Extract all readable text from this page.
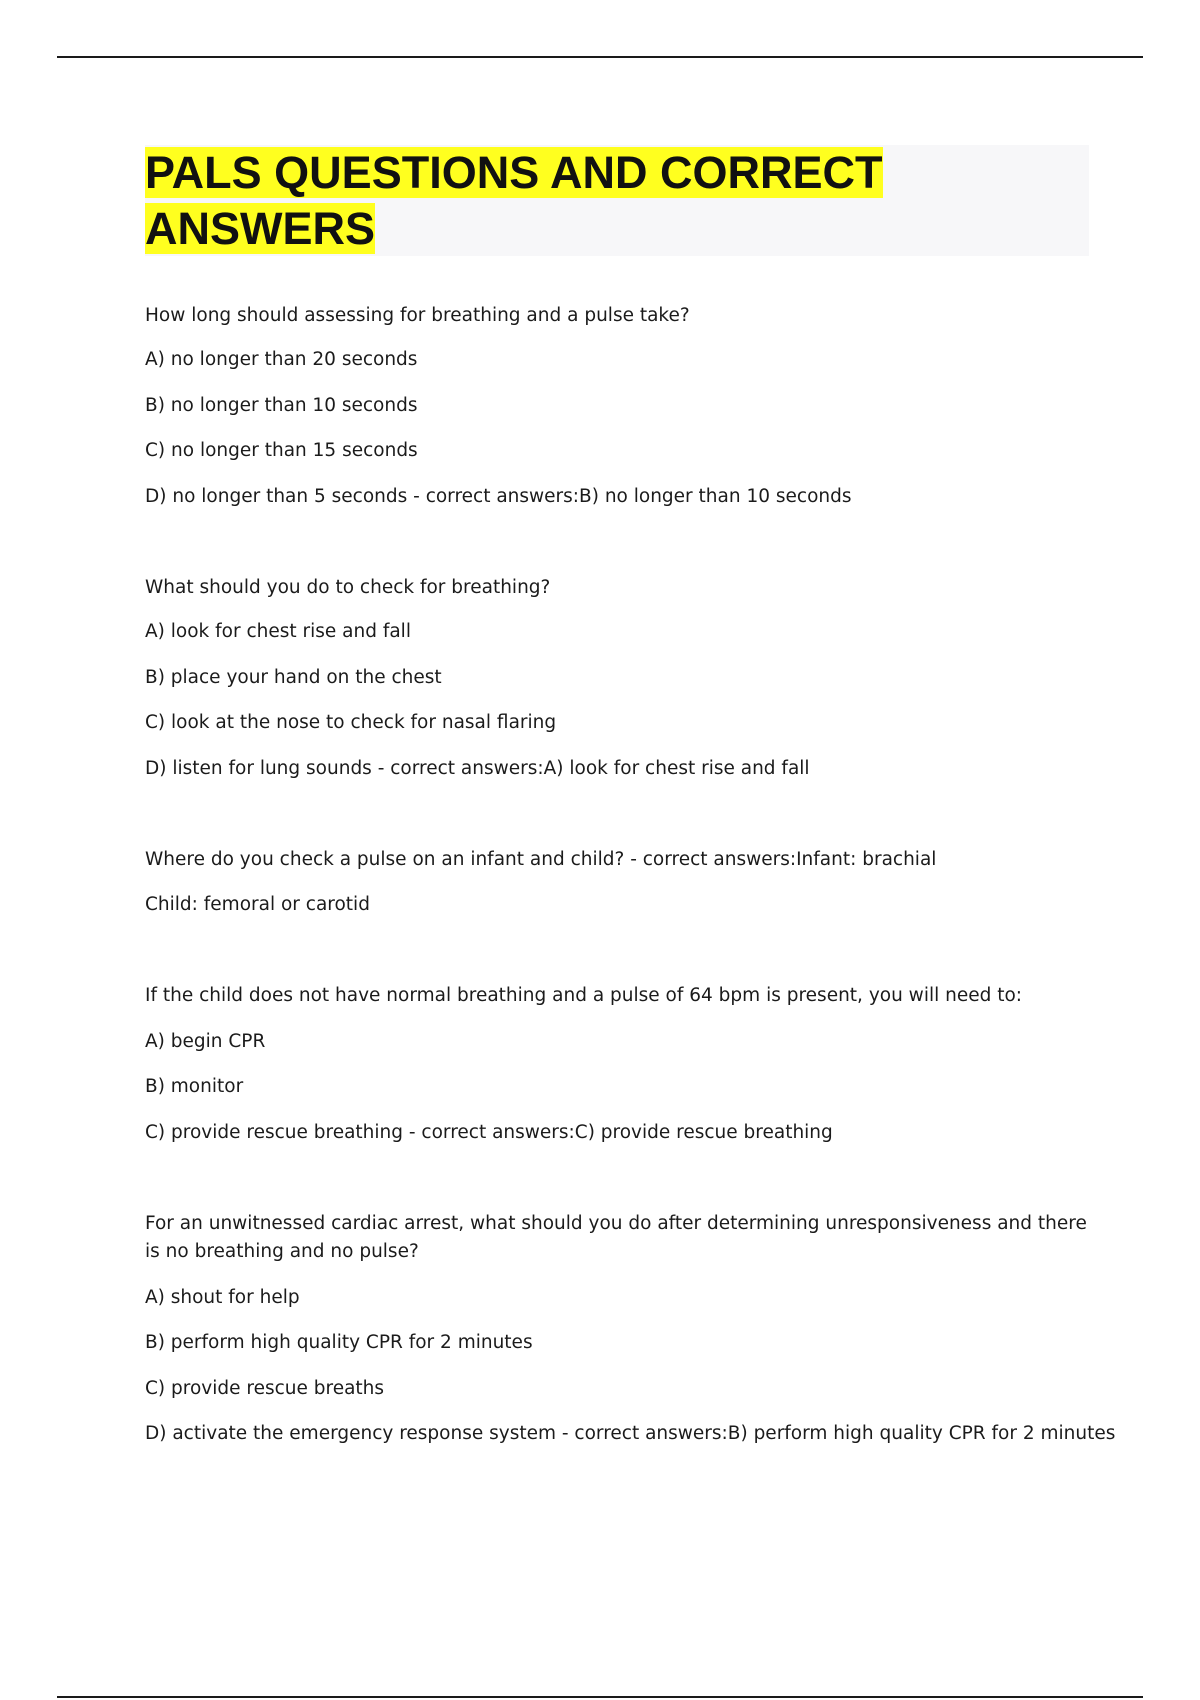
PALS QUESTIONS AND CORRECT ANSWERS
How long should assessing for breathing and a pulse take?
A) no longer than 20 seconds
B) no longer than 10 seconds
C) no longer than 15 seconds
D) no longer than 5 seconds - correct answers:B) no longer than 10 seconds
What should you do to check for breathing?
A) look for chest rise and fall
B) place your hand on the chest
C) look at the nose to check for nasal flaring
D) listen for lung sounds - correct answers:A) look for chest rise and fall
Where do you check a pulse on an infant and child? - correct answers:Infant: brachial
Child: femoral or carotid
If the child does not have normal breathing and a pulse of 64 bpm is present, you will need to:
A) begin CPR
B) monitor
C) provide rescue breathing - correct answers:C) provide rescue breathing
For an unwitnessed cardiac arrest, what should you do after determining unresponsiveness and there is no breathing and no pulse?
A) shout for help
B) perform high quality CPR for 2 minutes
C) provide rescue breaths
D) activate the emergency response system - correct answers:B) perform high quality CPR for 2 minutes
